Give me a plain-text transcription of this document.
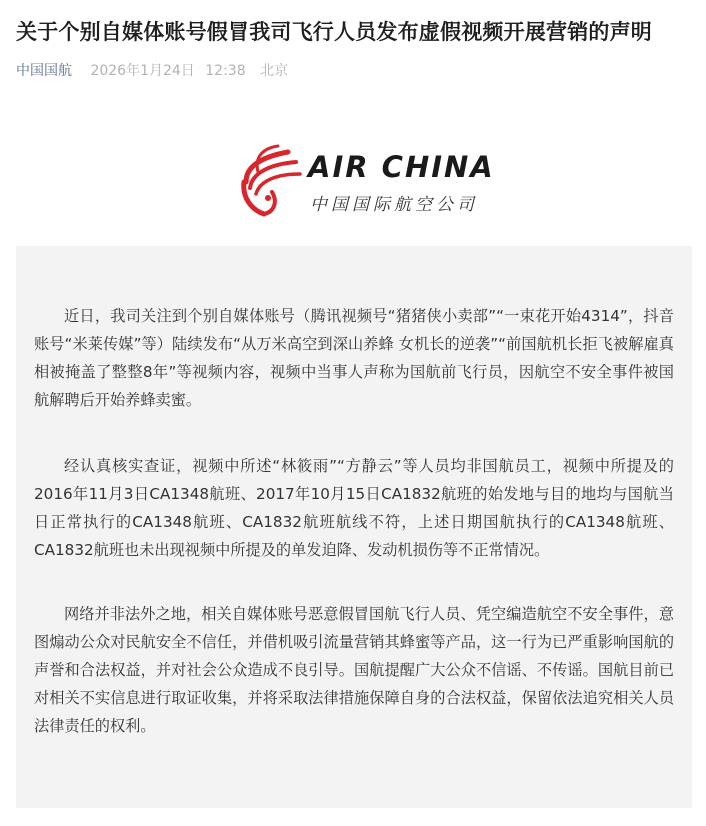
关于个别自媒体账号假冒我司飞行人员发布虚假视频开展营销的声明
中国国航 2026年1月24日 12:38 北京
AIR CHINA
中国国际航空公司

近日，我司关注到个别自媒体账号（腾讯视频号“猪猪侠小卖部”“一束花开始4314”，抖音账号“米莱传媒”等）陆续发布“从万米高空到深山养蜂 女机长的逆袭”“前国航机长拒飞被解雇真相被掩盖了整整8年”等视频内容，视频中当事人声称为国航前飞行员，因航空不安全事件被国航解聘后开始养蜂卖蜜。

经认真核实查证，视频中所述“林筱雨”“方静云”等人员均非国航员工，视频中所提及的2016年11月3日CA1348航班、2017年10月15日CA1832航班的始发地与目的地均与国航当日正常执行的CA1348航班、CA1832航班航线不符，上述日期国航执行的CA1348航班、CA1832航班也未出现视频中所提及的单发迫降、发动机损伤等不正常情况。

网络并非法外之地，相关自媒体账号恶意假冒国航飞行人员、凭空编造航空不安全事件，意图煽动公众对民航安全不信任，并借机吸引流量营销其蜂蜜等产品，这一行为已严重影响国航的声誉和合法权益，并对社会公众造成不良引导。国航提醒广大公众不信谣、不传谣。国航目前已对相关不实信息进行取证收集，并将采取法律措施保障自身的合法权益，保留依法追究相关人员法律责任的权利。
